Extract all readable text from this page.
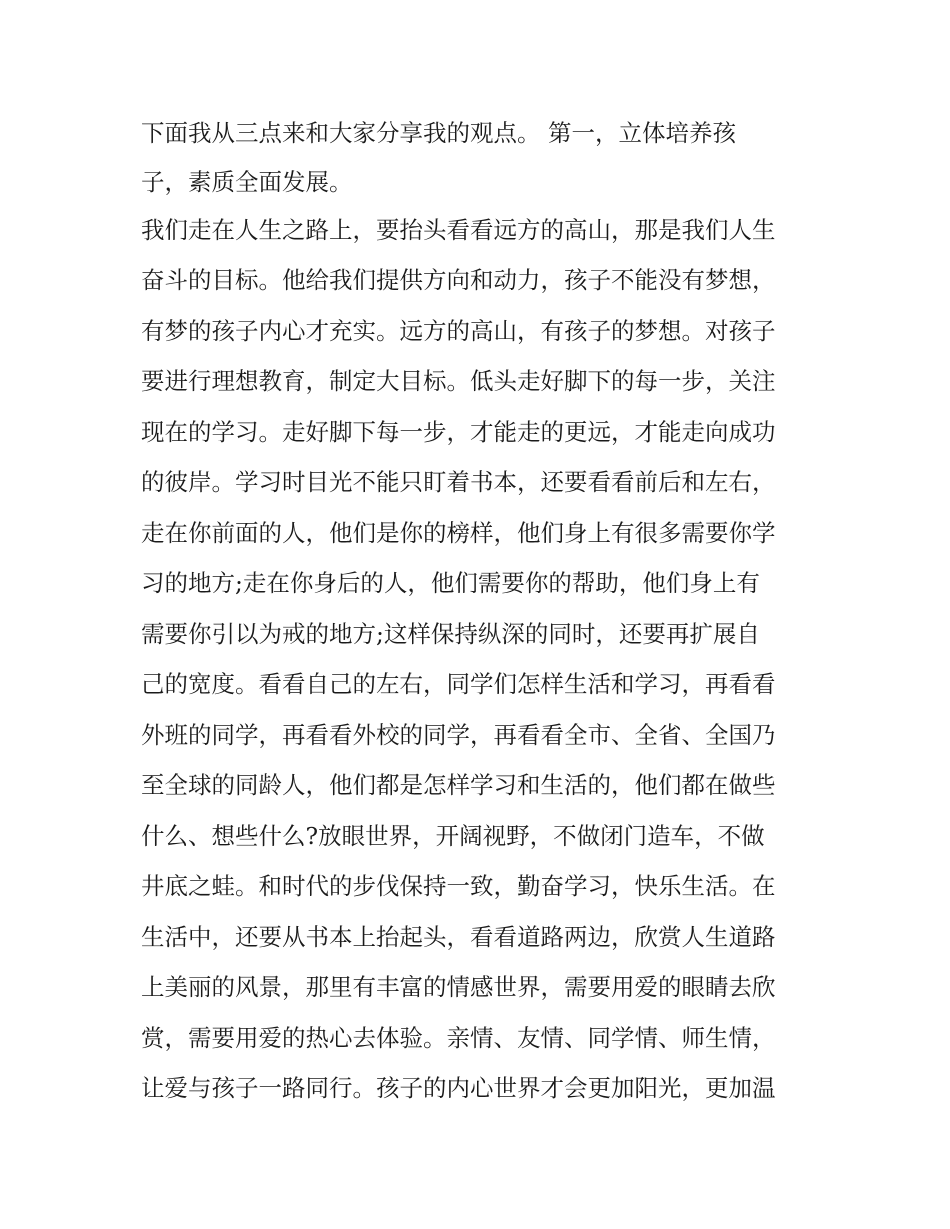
下面我从三点来和大家分享我的观点。 第一，立体培养孩
子，素质全面发展。
我们走在人生之路上，要抬头看看远方的高山，那是我们人生
奋斗的目标。他给我们提供方向和动力，孩子不能没有梦想，
有梦的孩子内心才充实。远方的高山，有孩子的梦想。对孩子
要进行理想教育，制定大目标。低头走好脚下的每一步，关注
现在的学习。走好脚下每一步，才能走的更远，才能走向成功
的彼岸。学习时目光不能只盯着书本，还要看看前后和左右，
走在你前面的人，他们是你的榜样，他们身上有很多需要你学
习的地方;走在你身后的人，他们需要你的帮助，他们身上有
需要你引以为戒的地方;这样保持纵深的同时，还要再扩展自
己的宽度。看看自己的左右，同学们怎样生活和学习，再看看
外班的同学，再看看外校的同学，再看看全市、全省、全国乃
至全球的同龄人，他们都是怎样学习和生活的，他们都在做些
什么、想些什么?放眼世界，开阔视野，不做闭门造车，不做
井底之蛙。和时代的步伐保持一致，勤奋学习，快乐生活。在
生活中，还要从书本上抬起头，看看道路两边，欣赏人生道路
上美丽的风景，那里有丰富的情感世界，需要用爱的眼睛去欣
赏，需要用爱的热心去体验。亲情、友情、同学情、师生情，
让爱与孩子一路同行。孩子的内心世界才会更加阳光，更加温
